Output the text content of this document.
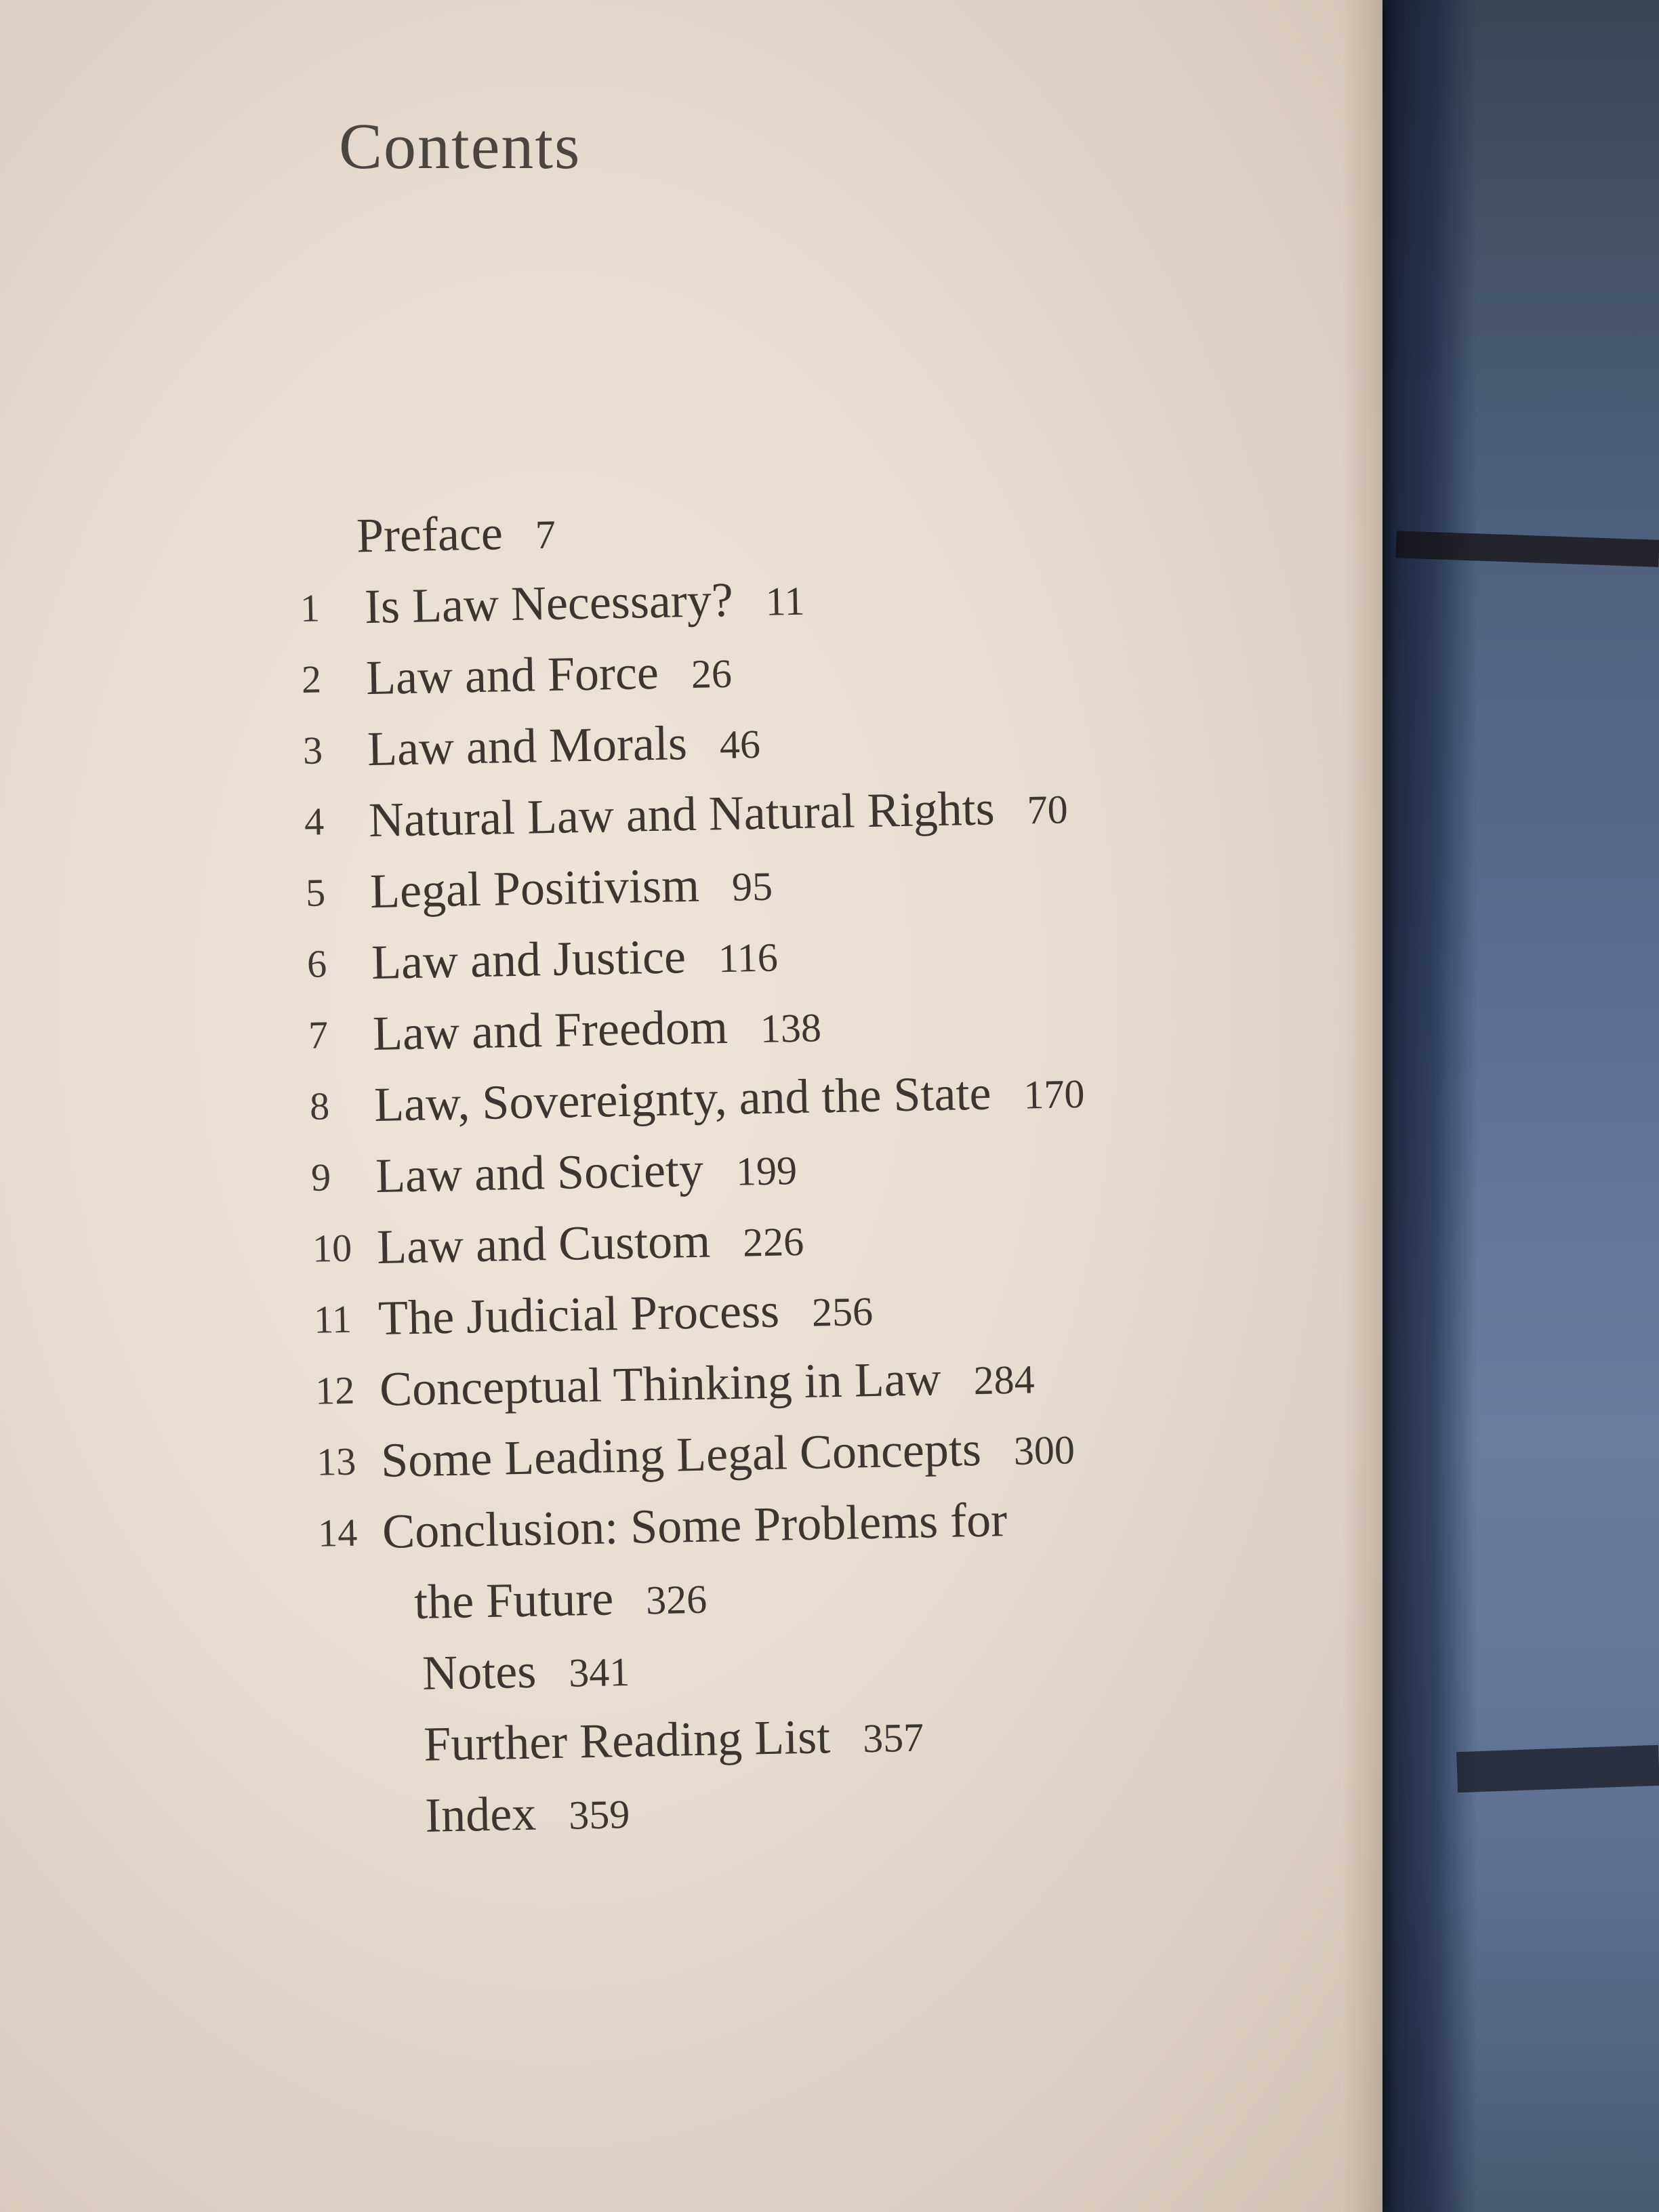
Contents
Preface 7
1 Is Law Necessary? 11
2 Law and Force 26
3 Law and Morals 46
4 Natural Law and Natural Rights 70
5 Legal Positivism 95
6 Law and Justice 116
7 Law and Freedom 138
8 Law, Sovereignty, and the State 170
9 Law and Society 199
10 Law and Custom 226
11 The Judicial Process 256
12 Conceptual Thinking in Law 284
13 Some Leading Legal Concepts 300
14 Conclusion: Some Problems for
the Future 326
Notes 341
Further Reading List 357
Index 359
